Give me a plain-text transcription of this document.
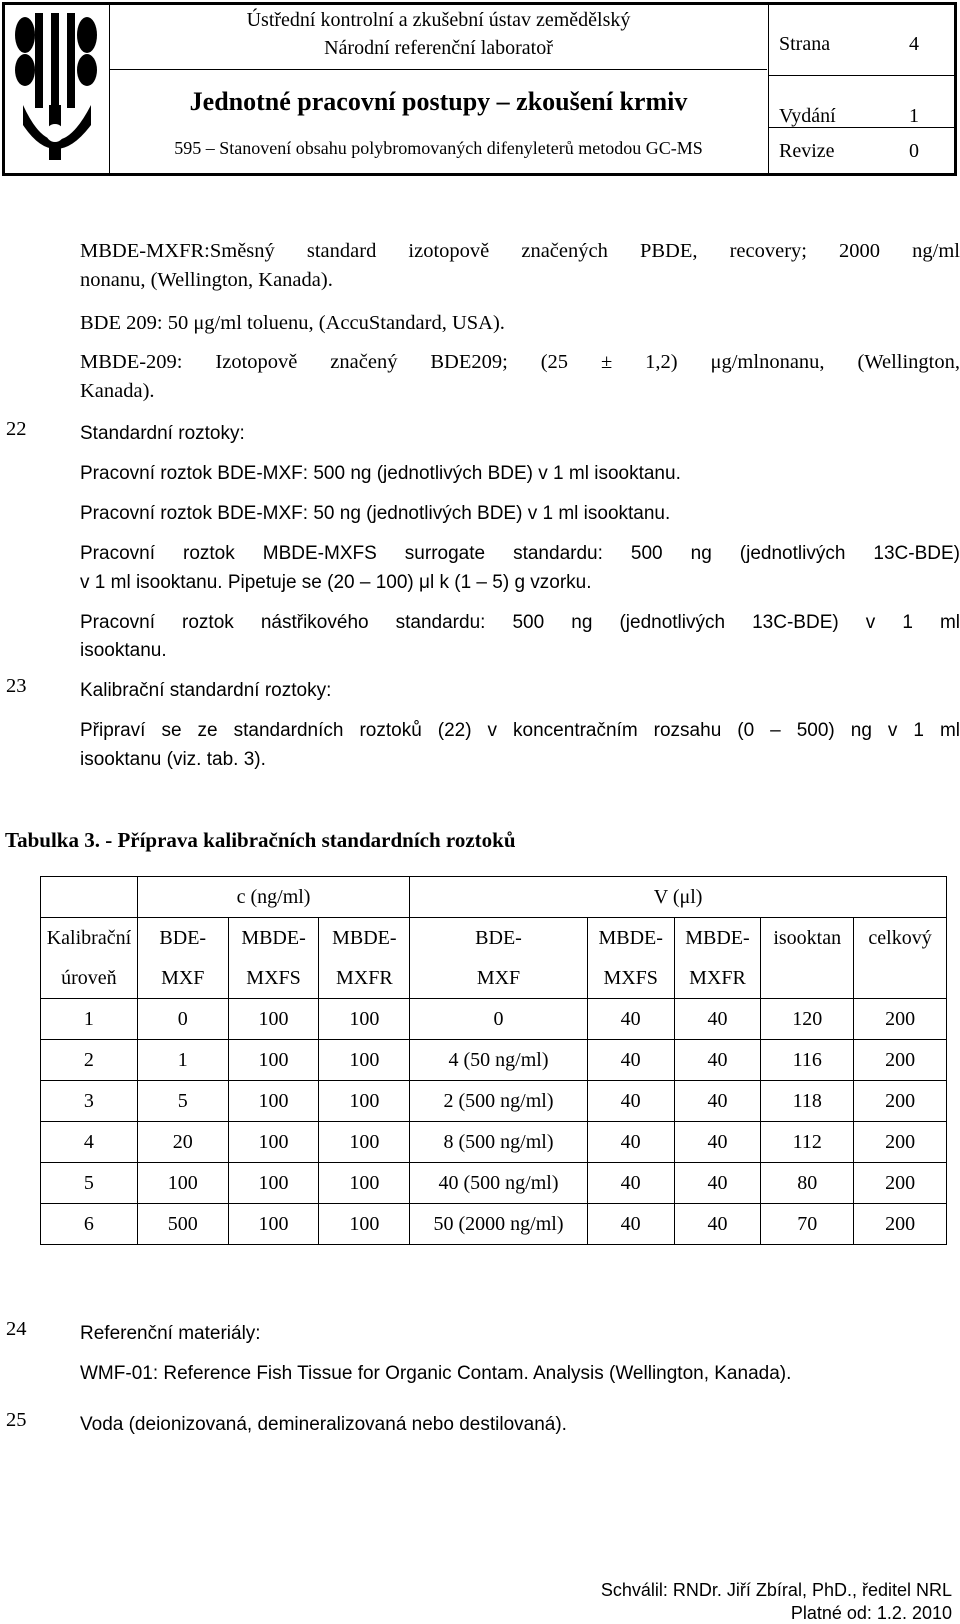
Ústřední kontrolní a zkušební ústav zemědělský
Národní referenční laboratoř
Jednotné pracovní postupy – zkoušení krmiv
595 – Stanovení obsahu polybromovaných difenyleterů metodou GC-MS
Strana	4
Vydání	1
Revize	0
MBDE-MXFR:Směsný standard izotopově značených PBDE, recovery; 2000 ng/ml
nonanu, (Wellington, Kanada).
BDE 209: 50 μg/ml toluenu, (AccuStandard, USA).
MBDE-209: Izotopově značený BDE209; (25 ± 1,2) μg/mlnonanu, (Wellington,
Kanada).
22	Standardní roztoky:
Pracovní roztok BDE-MXF: 500 ng (jednotlivých BDE) v 1 ml isooktanu.
Pracovní roztok BDE-MXF: 50 ng (jednotlivých BDE) v 1 ml isooktanu.
Pracovní roztok MBDE-MXFS surrogate standardu: 500 ng (jednotlivých 13C-BDE)
v 1 ml isooktanu. Pipetuje se (20 – 100) μl k (1 – 5) g vzorku.
Pracovní roztok nástřikového standardu: 500 ng (jednotlivých 13C-BDE) v 1 ml
isooktanu.
23	Kalibrační standardní roztoky:
Připraví se ze standardních roztoků (22) v koncentračním rozsahu (0 – 500) ng v 1 ml
isooktanu (viz. tab. 3).
Tabulka 3. - Příprava kalibračních standardních roztoků
	c (ng/ml)			V (μl)				
Kalibrační	BDE-	MBDE-	MBDE-	BDE-	MBDE-	MBDE-	isooktan	celkový
úroveň	MXF	MXFS	MXFR	MXF	MXFS	MXFR		
1	0	100	100	0	40	40	120	200
2	1	100	100	4 (50 ng/ml)	40	40	116	200
3	5	100	100	2 (500 ng/ml)	40	40	118	200
4	20	100	100	8 (500 ng/ml)	40	40	112	200
5	100	100	100	40 (500 ng/ml)	40	40	80	200
6	500	100	100	50 (2000 ng/ml)	40	40	70	200
24	Referenční materiály:
WMF-01: Reference Fish Tissue for Organic Contam. Analysis (Wellington, Kanada).
25	Voda (deionizovaná, demineralizovaná nebo destilovaná).
Schválil: RNDr. Jiří Zbíral, PhD., ředitel NRL
Platné od: 1.2. 2010
